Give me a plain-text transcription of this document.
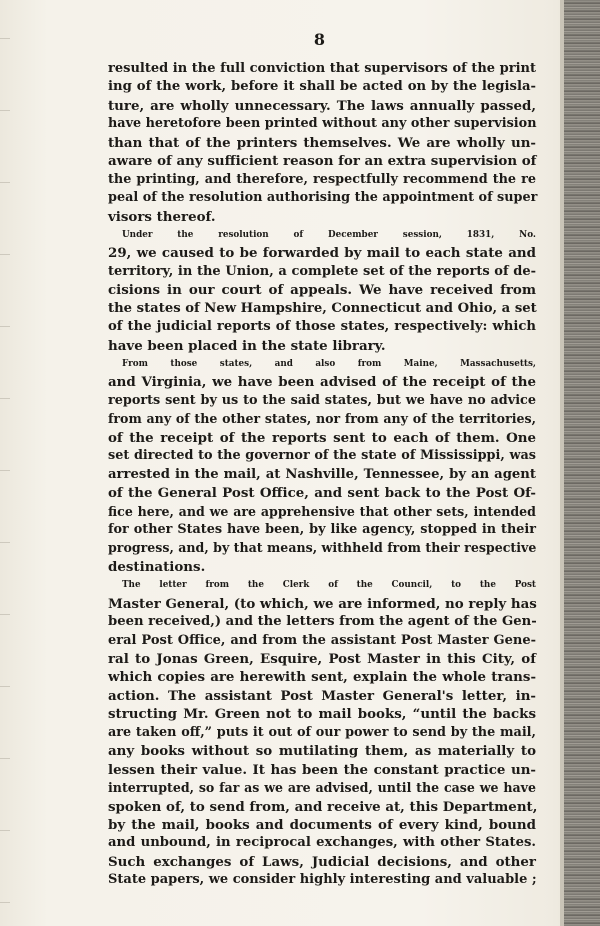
8
resulted in the full conviction that supervisors of the print
ing of the work, before it shall be acted on by the legisla-
ture, are wholly unnecessary. The laws annually passed,
have heretofore been printed without any other supervision
than that of the printers themselves. We are wholly un-
aware of any sufficient reason for an extra supervision of
the printing, and therefore, respectfully recommend the re
peal of the resolution authorising the appointment of super
visors thereof.
Under the resolution of December session, 1831, No.
29, we caused to be forwarded by mail to each state and
territory, in the Union, a complete set of the reports of de-
cisions in our court of appeals. We have received from
the states of New Hampshire, Connecticut and Ohio, a set
of the judicial reports of those states, respectively: which
have been placed in the state library.
From those states, and also from Maine, Massachusetts,
and Virginia, we have been advised of the receipt of the
reports sent by us to the said states, but we have no advice
from any of the other states, nor from any of the territories,
of the receipt of the reports sent to each of them. One
set directed to the governor of the state of Mississippi, was
arrested in the mail, at Nashville, Tennessee, by an agent
of the General Post Office, and sent back to the Post Of-
fice here, and we are apprehensive that other sets, intended
for other States have been, by like agency, stopped in their
progress, and, by that means, withheld from their respective
destinations.
The letter from the Clerk of the Council, to the Post
Master General, (to which, we are informed, no reply has
been received,) and the letters from the agent of the Gen-
eral Post Office, and from the assistant Post Master Gene-
ral to Jonas Green, Esquire, Post Master in this City, of
which copies are herewith sent, explain the whole trans-
action. The assistant Post Master General's letter, in-
structing Mr. Green not to mail books, “until the backs
are taken off,” puts it out of our power to send by the mail,
any books without so mutilating them, as materially to
lessen their value. It has been the constant practice un-
interrupted, so far as we are advised, until the case we have
spoken of, to send from, and receive at, this Department,
by the mail, books and documents of every kind, bound
and unbound, in reciprocal exchanges, with other States.
Such exchanges of Laws, Judicial decisions, and other
State papers, we consider highly interesting and valuable ;
